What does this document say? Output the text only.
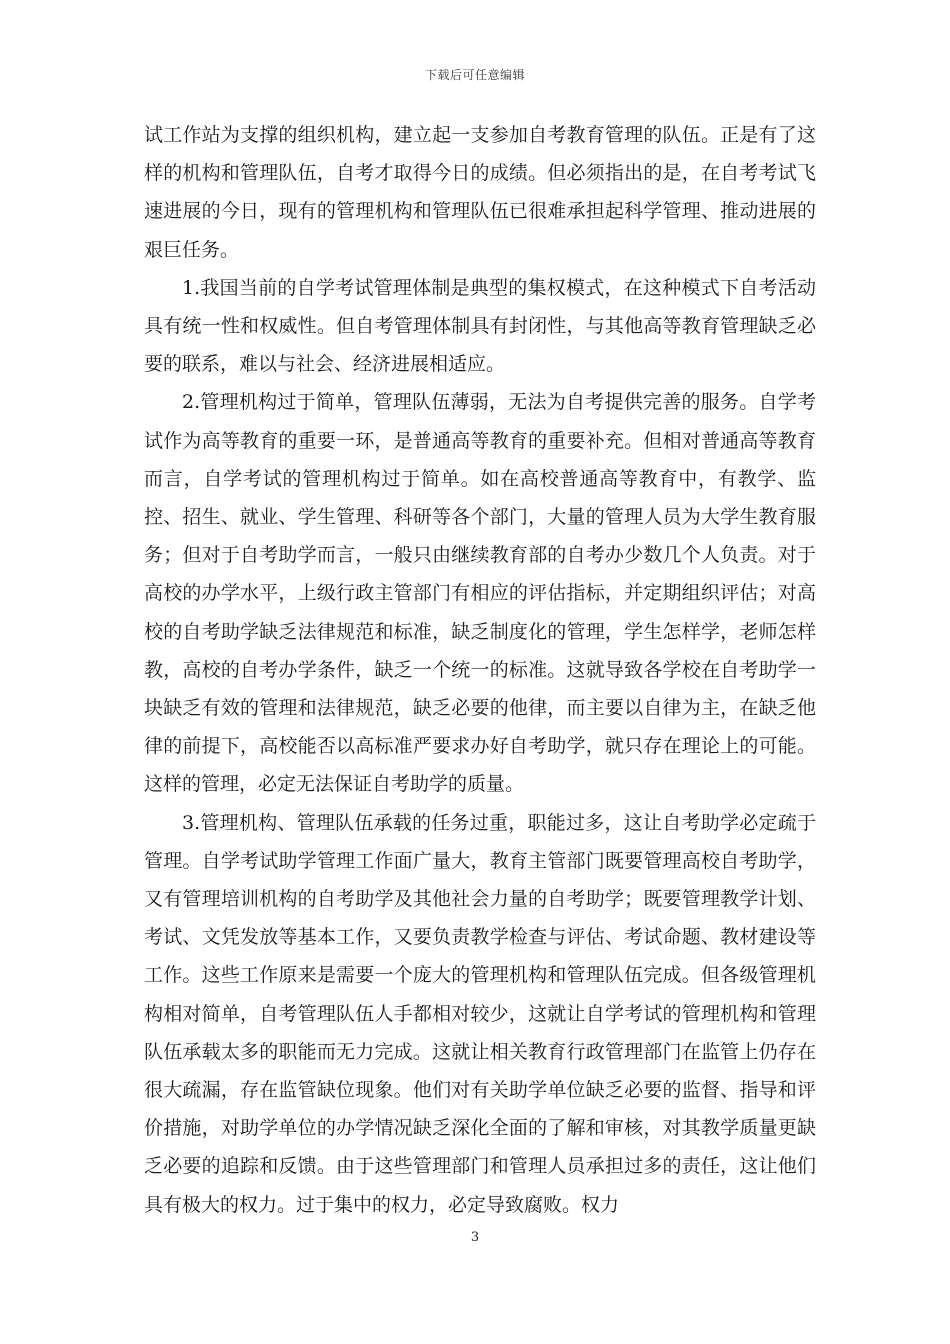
下载后可任意编辑
试工作站为支撑的组织机构，建立起一支参加自考教育管理的队伍。正是有了这样的机构和管理队伍，自考才取得今日的成绩。但必须指出的是，在自考考试飞速进展的今日，现有的管理机构和管理队伍已很难承担起科学管理、推动进展的艰巨任务。
1.我国当前的自学考试管理体制是典型的集权模式，在这种模式下自考活动具有统一性和权威性。但自考管理体制具有封闭性，与其他高等教育管理缺乏必要的联系，难以与社会、经济进展相适应。
2.管理机构过于简单，管理队伍薄弱，无法为自考提供完善的服务。自学考试作为高等教育的重要一环，是普通高等教育的重要补充。但相对普通高等教育而言，自学考试的管理机构过于简单。如在高校普通高等教育中，有教学、监控、招生、就业、学生管理、科研等各个部门，大量的管理人员为大学生教育服务；但对于自考助学而言，一般只由继续教育部的自考办少数几个人负责。对于高校的办学水平，上级行政主管部门有相应的评估指标，并定期组织评估；对高校的自考助学缺乏法律规范和标准，缺乏制度化的管理，学生怎样学，老师怎样教，高校的自考办学条件，缺乏一个统一的标准。这就导致各学校在自考助学一块缺乏有效的管理和法律规范，缺乏必要的他律，而主要以自律为主，在缺乏他律的前提下，高校能否以高标准严要求办好自考助学，就只存在理论上的可能。这样的管理，必定无法保证自考助学的质量。
3.管理机构、管理队伍承载的任务过重，职能过多，这让自考助学必定疏于管理。自学考试助学管理工作面广量大，教育主管部门既要管理高校自考助学，又有管理培训机构的自考助学及其他社会力量的自考助学；既要管理教学计划、考试、文凭发放等基本工作，又要负责教学检查与评估、考试命题、教材建设等工作。这些工作原来是需要一个庞大的管理机构和管理队伍完成。但各级管理机构相对简单，自考管理队伍人手都相对较少，这就让自学考试的管理机构和管理队伍承载太多的职能而无力完成。这就让相关教育行政管理部门在监管上仍存在很大疏漏，存在监管缺位现象。他们对有关助学单位缺乏必要的监督、指导和评价措施，对助学单位的办学情况缺乏深化全面的了解和审核，对其教学质量更缺乏必要的追踪和反馈。由于这些管理部门和管理人员承担过多的责任，这让他们具有极大的权力。过于集中的权力，必定导致腐败。权力
3
